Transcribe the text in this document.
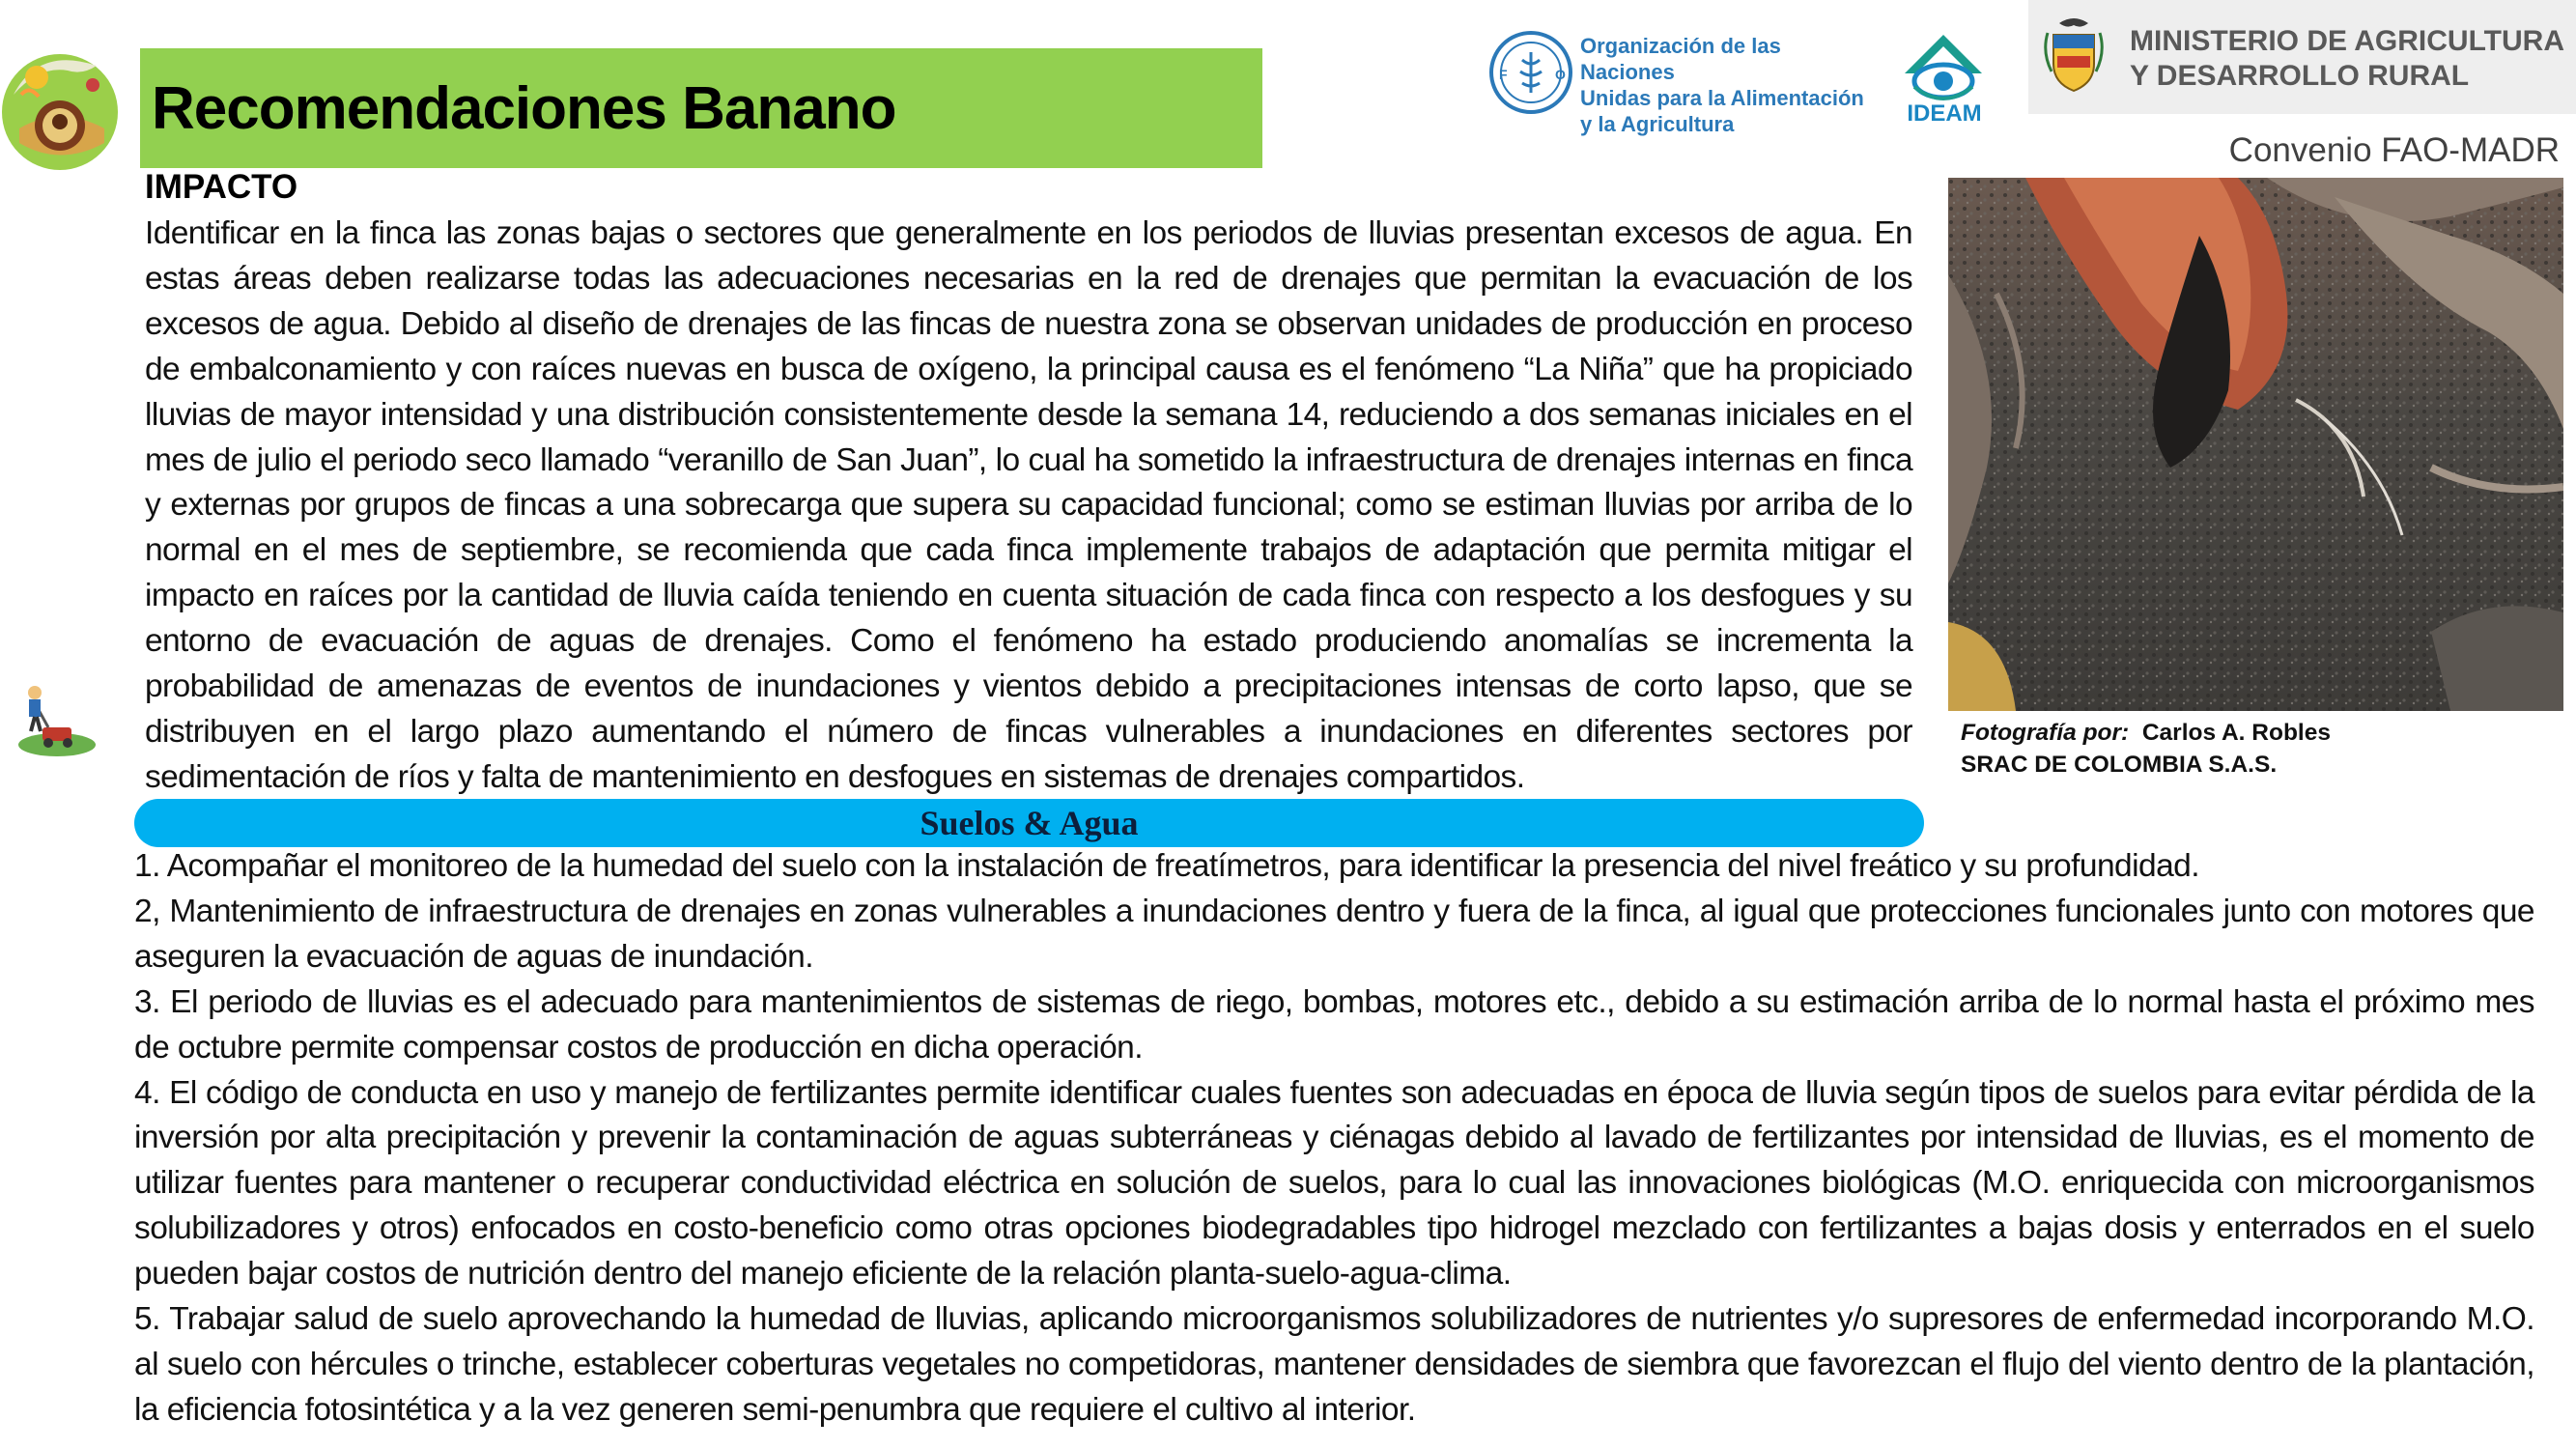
Recomendaciones Banano
F	O
Organización de las Naciones
Unidas para la Alimentación
y la Agricultura	IDEAM
MINISTERIO DE AGRICULTURA
Y DESARROLLO RURAL
Convenio FAO-MADR
IMPACTO
Identificar en la finca las zonas bajas o sectores que generalmente en los periodos de lluvias presentan excesos de agua. En estas áreas deben realizarse todas las adecuaciones necesarias en la red de drenajes que permitan la evacuación de los excesos de agua. Debido al diseño de drenajes de las fincas de nuestra zona se observan unidades de producción en proceso de embalconamiento y con raíces nuevas en busca de oxígeno, la principal causa es el fenómeno “La Niña” que ha propiciado lluvias de mayor intensidad y una distribución consistentemente desde la semana 14, reduciendo a dos semanas iniciales en el mes de julio el periodo seco llamado “veranillo de San Juan”, lo cual ha sometido la infraestructura de drenajes internas en finca y externas por grupos de fincas a una sobrecarga que supera su capacidad funcional; como se estiman lluvias por arriba de lo normal en el mes de septiembre, se recomienda que cada finca implemente trabajos de adaptación que permita mitigar el impacto en raíces por la cantidad de lluvia caída teniendo en cuenta situación de cada finca con respecto a los desfogues y su entorno de evacuación de aguas de drenajes. Como el fenómeno ha estado produciendo anomalías se incrementa la probabilidad de amenazas de eventos de inundaciones y vientos debido a precipitaciones intensas de corto lapso, que se distribuyen en el largo plazo aumentando el número de fincas vulnerables a inundaciones en diferentes sectores por sedimentación de ríos y falta de mantenimiento en desfogues en sistemas de drenajes compartidos.
Fotografía por: Carlos A. Robles
SRAC DE COLOMBIA S.A.S.
Suelos & Agua

1. Acompañar el monitoreo de la humedad del suelo con la instalación de freatímetros, para identificar la presencia del nivel freático y su profundidad.

2, Mantenimiento de infraestructura de drenajes en zonas vulnerables a inundaciones dentro y fuera de la finca, al igual que protecciones funcionales junto con motores que aseguren la evacuación de aguas de inundación.

3. El periodo de lluvias es el adecuado para mantenimientos de sistemas de riego, bombas, motores etc., debido a su estimación arriba de lo normal hasta el próximo mes de octubre permite compensar costos de producción en dicha operación.

4. El código de conducta en uso y manejo de fertilizantes permite identificar cuales fuentes son adecuadas en época de lluvia según tipos de suelos para evitar pérdida de la inversión por alta precipitación y prevenir la contaminación de aguas subterráneas y ciénagas debido al lavado de fertilizantes por intensidad de lluvias, es el momento de utilizar fuentes para mantener o recuperar conductividad eléctrica en solución de suelos, para lo cual las innovaciones biológicas (M.O. enriquecida con microorganismos solubilizadores y otros) enfocados en costo-beneficio como otras opciones biodegradables tipo hidrogel mezclado con fertilizantes a bajas dosis y enterrados en el suelo pueden bajar costos de nutrición dentro del manejo eficiente de la relación planta-suelo-agua-clima.

5. Trabajar salud de suelo aprovechando la humedad de lluvias, aplicando microorganismos solubilizadores de nutrientes y/o supresores de enfermedad incorporando M.O. al suelo con hércules o trinche, establecer coberturas vegetales no competidoras, mantener densidades de siembra que favorezcan el flujo del viento dentro de la plantación, la eficiencia fotosintética y a la vez generen semi-penumbra que requiere el cultivo al interior.
